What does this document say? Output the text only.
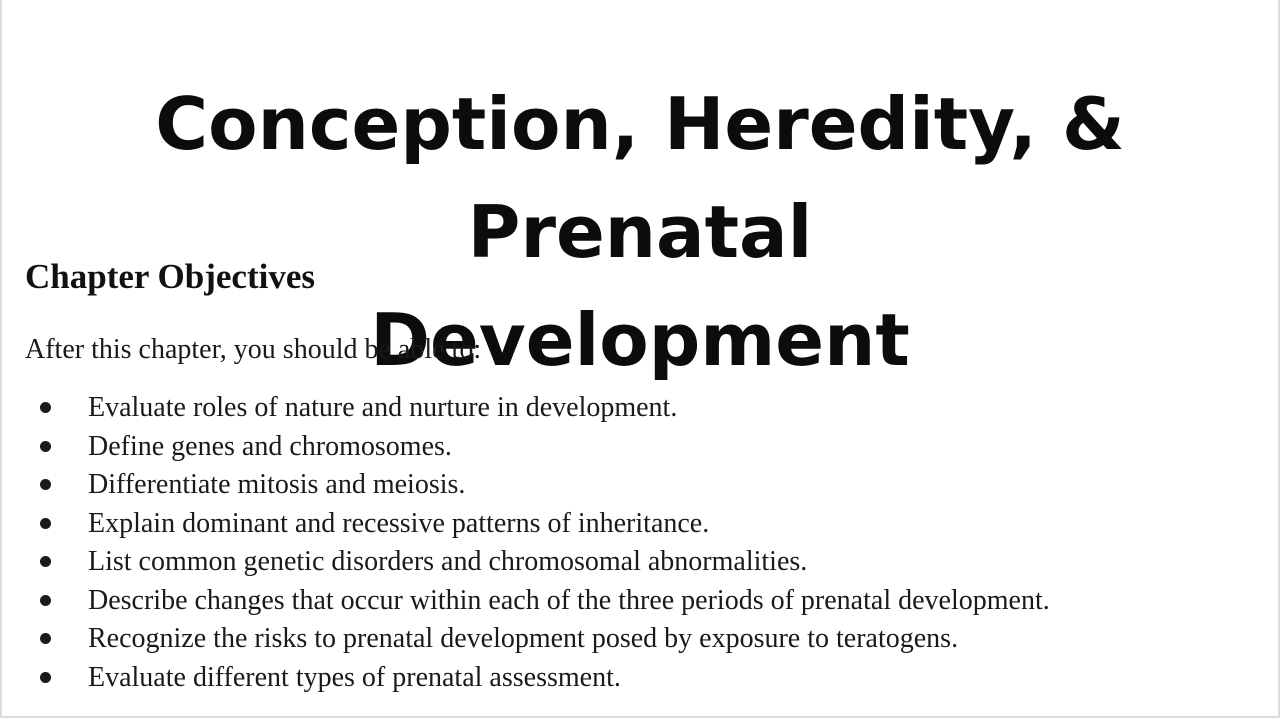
Conception, Heredity, & Prenatal
Development
Chapter Objectives

After this chapter, you should be able to:

Evaluate roles of nature and nurture in development.
Define genes and chromosomes.
Differentiate mitosis and meiosis.
Explain dominant and recessive patterns of inheritance.
List common genetic disorders and chromosomal abnormalities.
Describe changes that occur within each of the three periods of prenatal development.
Recognize the risks to prenatal development posed by exposure to teratogens.
Evaluate different types of prenatal assessment.
